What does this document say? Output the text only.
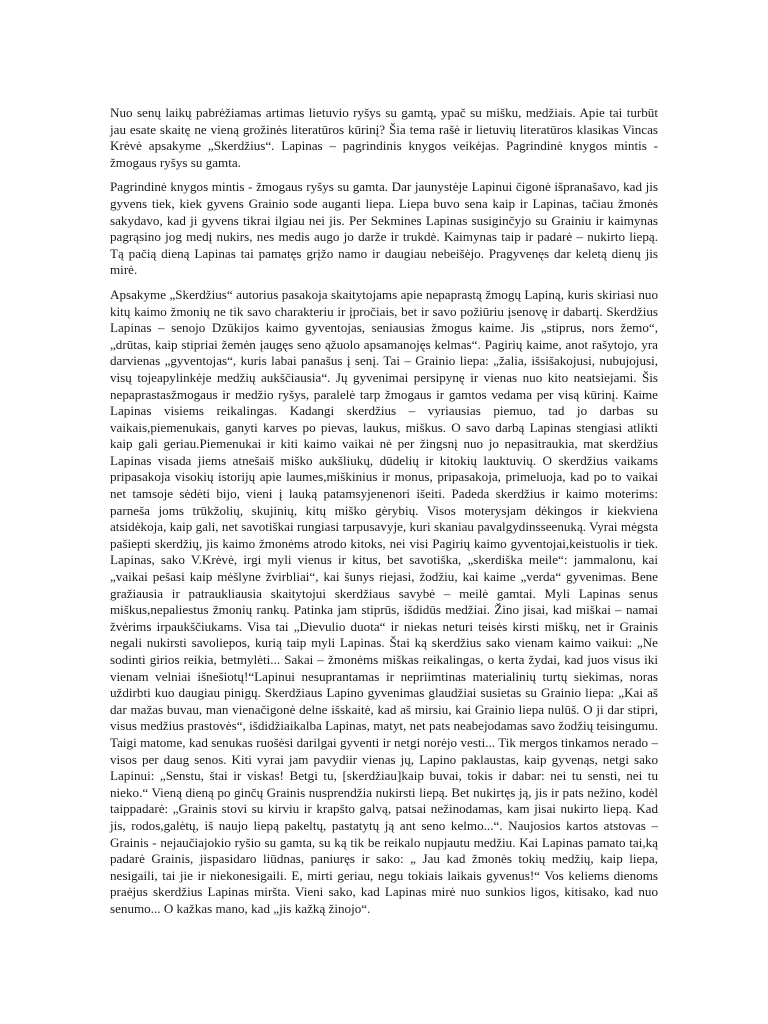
Nuo senų laikų pabrėžiamas artimas lietuvio ryšys su gamtą, ypač su mišku, medžiais. Apie tai turbūt jau esate skaitę ne vieną grožinės literatūros kūrinį? Šia tema rašė ir lietuvių literatūros klasikas Vincas Krėvė apsakyme „Skerdžius“. Lapinas – pagrindinis knygos veikėjas. Pagrindinė knygos mintis - žmogaus ryšys su gamta.

Pagrindinė knygos mintis - žmogaus ryšys su gamta. Dar jaunystėje Lapinui čigonė išpranašavo, kad jis gyvens tiek, kiek gyvens Grainio sode auganti liepa. Liepa buvo sena kaip ir Lapinas, tačiau žmonės sakydavo, kad ji gyvens tikrai ilgiau nei jis. Per Sekmines Lapinas susiginčyjo su Grainiu ir kaimynas pagrąsino jog medį nukirs, nes medis augo jo darže ir trukdė. Kaimynas taip ir padarė – nukirto liepą. Tą pačią dieną Lapinas tai pamatęs grįžo namo ir daugiau nebeišėjo. Pragyvenęs dar keletą dienų jis mirė.

Apsakyme „Skerdžius“ autorius pasakoja skaitytojams apie nepaprastą žmogų Lapiną, kuris skiriasi nuo kitų kaimo žmonių ne tik savo charakteriu ir įpročiais, bet ir savo požiūriu įsenovę ir dabartį. Skerdžius Lapinas – senojo Dzūkijos kaimo gyventojas, seniausias žmogus kaime. Jis „stiprus, nors žemo“,„drūtas, kaip stipriai žemėn įaugęs seno ąžuolo apsamanojęs kelmas“. Pagirių kaime, anot rašytojo, yra darvienas „gyventojas“, kuris labai panašus į senį. Tai – Grainio liepa: „žalia, išsišakojusi, nubujojusi, visų tojeapylinkėje medžių aukščiausia“. Jų gyvenimai persipynę ir vienas nuo kito neatsiejami. Šis nepaprastasžmogaus ir medžio ryšys, paralelė tarp žmogaus ir gamtos vedama per visą kūrinį. Kaime Lapinas visiems reikalingas. Kadangi skerdžius – vyriausias piemuo, tad jo darbas su vaikais,piemenukais, ganyti karves po pievas, laukus, miškus. O savo darbą Lapinas stengiasi atlikti kaip gali geriau.Piemenukai ir kiti kaimo vaikai nė per žingsnį nuo jo nepasitraukia, mat skerdžius Lapinas visada jiems atnešaiš miško aukšliukų, dūdelių ir kitokių lauktuvių. O skerdžius vaikams pripasakoja visokių istorijų apie laumes,miškinius ir monus, pripasakoja, primeluoja, kad po to vaikai net tamsoje sėdėti bijo, vieni į lauką patamsyjenenori išeiti. Padeda skerdžius ir kaimo moterims: parneša joms trūkžolių, skujinių, kitų miško gėrybių. Visos moterysjam dėkingos ir kiekviena atsidėkoja, kaip gali, net savotiškai rungiasi tarpusavyje, kuri skaniau pavalgydinsseenuką. Vyrai mėgsta pašiepti skerdžių, jis kaimo žmonėms atrodo kitoks, nei visi Pagirių kaimo gyventojai,keistuolis ir tiek. Lapinas, sako V.Krėvė, irgi myli vienus ir kitus, bet savotiška, „skerdiška meile“: jammalonu, kai „vaikai pešasi kaip mėšlyne žvirbliai“, kai šunys riejasi, žodžiu, kai kaime „verda“ gyvenimas. Bene gražiausia ir patraukliausia skaitytojui skerdžiaus savybė – meilė gamtai. Myli Lapinas senus miškus,nepaliestus žmonių rankų. Patinka jam stiprūs, išdidūs medžiai. Žino jisai, kad miškai – namai žvėrims irpaukščiukams. Visa tai „Dievulio duota“ ir niekas neturi teisės kirsti miškų, net ir Grainis negali nukirsti savoliepos, kurią taip myli Lapinas. Štai ką skerdžius sako vienam kaimo vaikui: „Ne sodinti girios reikia, betmylėti... Sakai – žmonėms miškas reikalingas, o kerta žydai, kad juos visus iki vienam velniai išnešiotų!“Lapinui nesuprantamas ir nepriimtinas materialinių turtų siekimas, noras uždirbti kuo daugiau pinigų. Skerdžiaus Lapino gyvenimas glaudžiai susietas su Grainio liepa: „Kai aš dar mažas buvau, man vienačigonė delne išskaitė, kad aš mirsiu, kai Grainio liepa nulūš. O ji dar stipri, visus medžius prastovės“, išdidžiaikalba Lapinas, matyt, net pats neabejodamas savo žodžių teisingumu. Taigi matome, kad senukas ruošėsi darilgai gyventi ir netgi norėjo vesti... Tik mergos tinkamos nerado – visos per daug senos. Kiti vyrai jam pavydiir vienas jų, Lapino paklaustas, kaip gyvenąs, netgi sako Lapinui: „Senstu, štai ir viskas! Betgi tu, [skerdžiau]kaip buvai, tokis ir dabar: nei tu sensti, nei tu nieko.“ Vieną dieną po ginčų Grainis nusprendžia nukirsti liepą. Bet nukirtęs ją, jis ir pats nežino, kodėl taippadarė: „Grainis stovi su kirviu ir krapšto galvą, patsai nežinodamas, kam jisai nukirto liepą. Kad jis, rodos,galėtų, iš naujo liepą pakeltų, pastatytų ją ant seno kelmo...“. Naujosios kartos atstovas – Grainis - nejaučiajokio ryšio su gamta, su ką tik be reikalo nupjautu medžiu. Kai Lapinas pamato tai,ką padarė Grainis, jispasidaro liūdnas, paniuręs ir sako: „ Jau kad žmonės tokių medžių, kaip liepa, nesigaili, tai jie ir niekonesigaili. E, mirti geriau, negu tokiais laikais gyvenus!“ Vos keliems dienoms praėjus skerdžius Lapinas miršta. Vieni sako, kad Lapinas mirė nuo sunkios ligos, kitisako, kad nuo senumo... O kažkas mano, kad „jis kažką žinojo“.
